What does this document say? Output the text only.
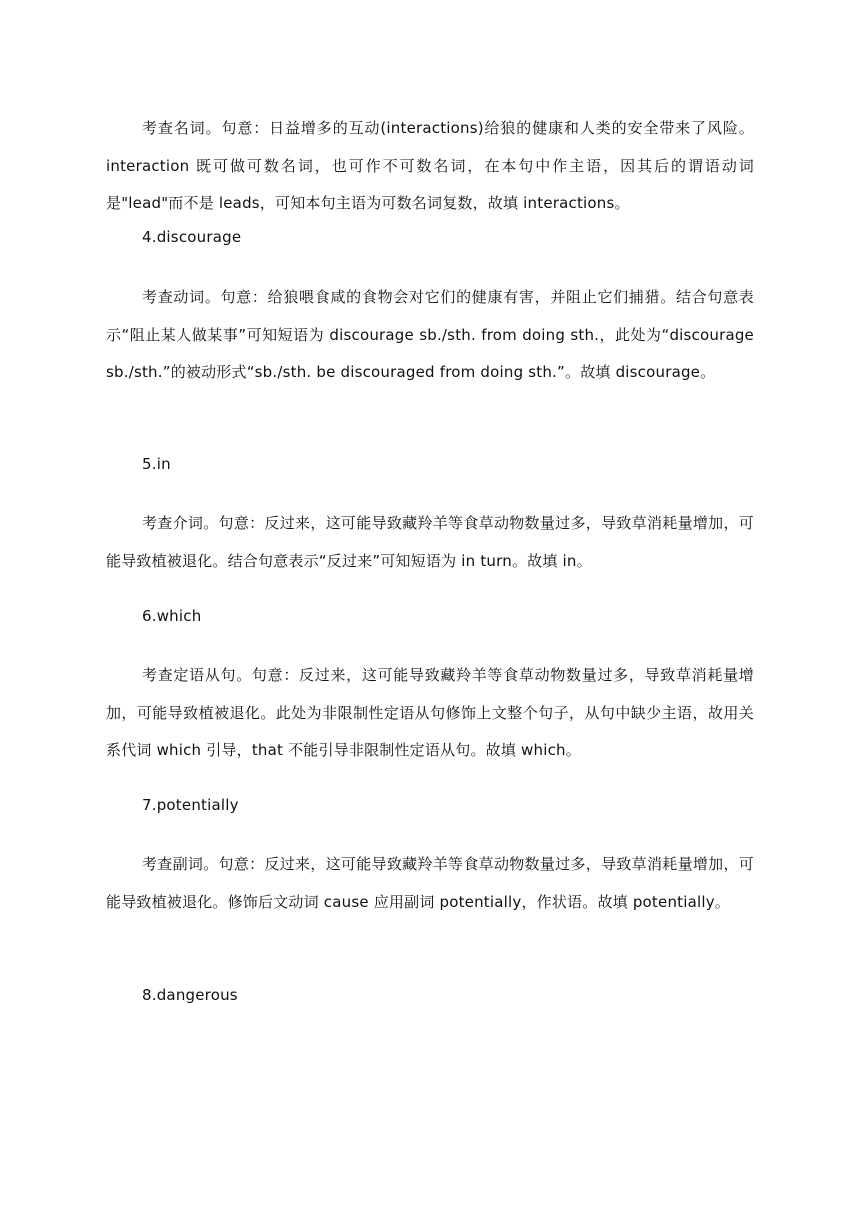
考查名词。句意：日益增多的互动(interactions)给狼的健康和人类的安全带来了风险。interaction 既可做可数名词，也可作不可数名词，在本句中作主语，因其后的谓语动词是"lead"而不是 leads，可知本句主语为可数名词复数，故填 interactions。

4.discourage

考查动词。句意：给狼喂食咸的食物会对它们的健康有害，并阻止它们捕猎。结合句意表示“阻止某人做某事”可知短语为 discourage sb./sth. from doing sth.，此处为“discourage sb./sth.”的被动形式“sb./sth. be discouraged from doing sth.”。故填 discourage。

5.in

考查介词。句意：反过来，这可能导致藏羚羊等食草动物数量过多，导致草消耗量增加，可能导致植被退化。结合句意表示“反过来”可知短语为 in turn。故填 in。

6.which

考查定语从句。句意：反过来，这可能导致藏羚羊等食草动物数量过多，导致草消耗量增加，可能导致植被退化。此处为非限制性定语从句修饰上文整个句子，从句中缺少主语，故用关系代词 which 引导，that 不能引导非限制性定语从句。故填 which。

7.potentially

考查副词。句意：反过来，这可能导致藏羚羊等食草动物数量过多，导致草消耗量增加，可能导致植被退化。修饰后文动词 cause 应用副词 potentially，作状语。故填 potentially。

8.dangerous
